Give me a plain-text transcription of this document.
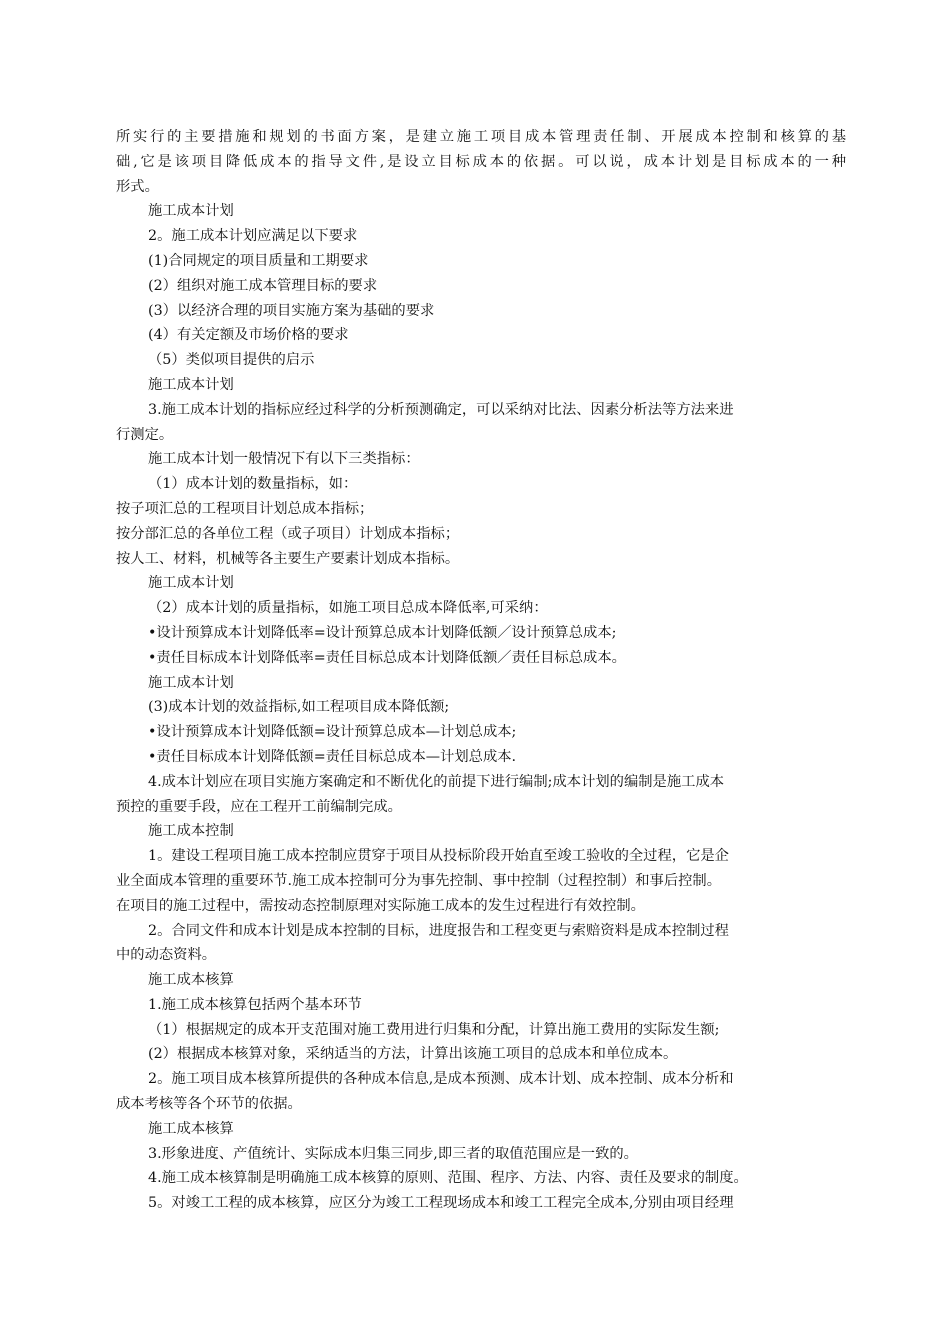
所实行的主要措施和规划的书面方案，是建立施工项目成本管理责任制、开展成本控制和核算的基
础,它是该项目降低成本的指导文件,是设立目标成本的依据。可以说，成本计划是目标成本的一种
形式。
施工成本计划
2。施工成本计划应满足以下要求
(1)合同规定的项目质量和工期要求
(2）组织对施工成本管理目标的要求
(3）以经济合理的项目实施方案为基础的要求
(4）有关定额及市场价格的要求
（5）类似项目提供的启示
施工成本计划
3.施工成本计划的指标应经过科学的分析预测确定，可以采纳对比法、因素分析法等方法来进
行测定。
施工成本计划一般情况下有以下三类指标：
（1）成本计划的数量指标，如：
按子项汇总的工程项目计划总成本指标；
按分部汇总的各单位工程（或子项目）计划成本指标；
按人工、材料，机械等各主要生产要素计划成本指标。
施工成本计划
（2）成本计划的质量指标，如施工项目总成本降低率,可采纳：
•设计预算成本计划降低率=设计预算总成本计划降低额／设计预算总成本;
•责任目标成本计划降低率=责任目标总成本计划降低额／责任目标总成本。
施工成本计划
(3)成本计划的效益指标,如工程项目成本降低额;
•设计预算成本计划降低额=设计预算总成本—计划总成本;
•责任目标成本计划降低额=责任目标总成本—计划总成本.
4.成本计划应在项目实施方案确定和不断优化的前提下进行编制;成本计划的编制是施工成本
预控的重要手段，应在工程开工前编制完成。
施工成本控制
1。建设工程项目施工成本控制应贯穿于项目从投标阶段开始直至竣工验收的全过程，它是企
业全面成本管理的重要环节.施工成本控制可分为事先控制、事中控制（过程控制）和事后控制。
在项目的施工过程中，需按动态控制原理对实际施工成本的发生过程进行有效控制。
2。合同文件和成本计划是成本控制的目标，进度报告和工程变更与索赔资料是成本控制过程
中的动态资料。
施工成本核算
1.施工成本核算包括两个基本环节
（1）根据规定的成本开支范围对施工费用进行归集和分配，计算出施工费用的实际发生额;
(2）根据成本核算对象，采纳适当的方法，计算出该施工项目的总成本和单位成本。
2。施工项目成本核算所提供的各种成本信息,是成本预测、成本计划、成本控制、成本分析和
成本考核等各个环节的依据。
施工成本核算
3.形象进度、产值统计、实际成本归集三同步,即三者的取值范围应是一致的。
4.施工成本核算制是明确施工成本核算的原则、范围、程序、方法、内容、责任及要求的制度。
5。对竣工工程的成本核算，应区分为竣工工程现场成本和竣工工程完全成本,分别由项目经理
